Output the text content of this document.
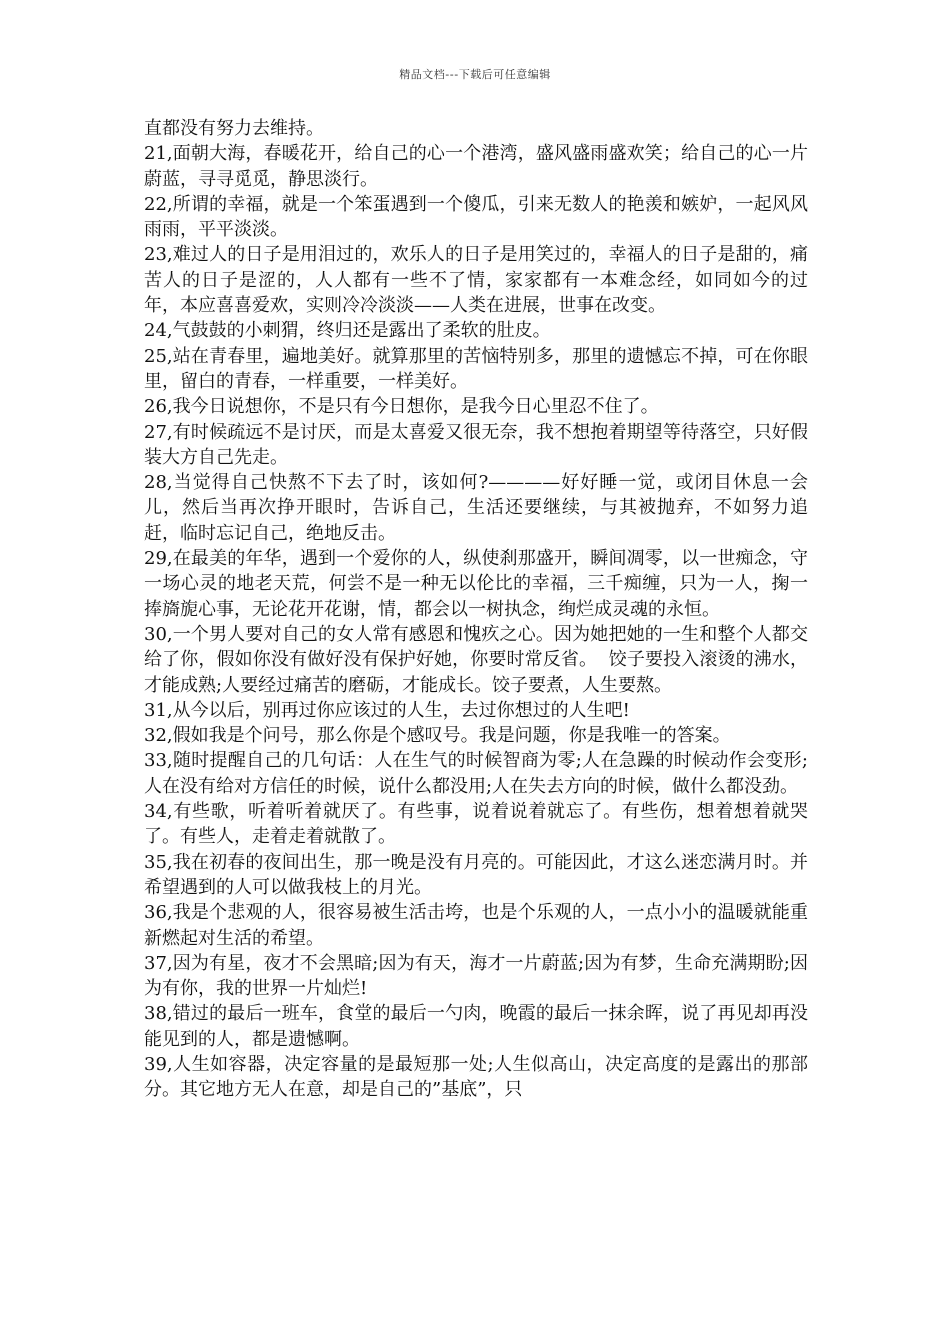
精品文档---下载后可任意编辑

直都没有努力去维持。

21,面朝大海，春暖花开，给自己的心一个港湾，盛风盛雨盛欢笑；给自己的心一片蔚蓝，寻寻觅觅，静思淡行。

22,所谓的幸福，就是一个笨蛋遇到一个傻瓜，引来无数人的艳羡和嫉妒，一起风风雨雨，平平淡淡。

23,难过人的日子是用泪过的，欢乐人的日子是用笑过的，幸福人的日子是甜的，痛苦人的日子是涩的，人人都有一些不了情，家家都有一本难念经，如同如今的过年，本应喜喜爱欢，实则冷冷淡淡——人类在进展，世事在改变。

24,气鼓鼓的小刺猬，终归还是露出了柔软的肚皮。

25,站在青春里，遍地美好。就算那里的苦恼特别多，那里的遗憾忘不掉，可在你眼里，留白的青春，一样重要，一样美好。

26,我今日说想你，不是只有今日想你，是我今日心里忍不住了。

27,有时候疏远不是讨厌，而是太喜爱又很无奈，我不想抱着期望等待落空，只好假装大方自己先走。

28,当觉得自己快熬不下去了时，该如何?————好好睡一觉，或闭目休息一会儿，然后当再次挣开眼时，告诉自己，生活还要继续，与其被抛弃，不如努力追赶，临时忘记自己，绝地反击。

29,在最美的年华，遇到一个爱你的人，纵使刹那盛开，瞬间凋零，以一世痴念，守一场心灵的地老天荒，何尝不是一种无以伦比的幸福，三千痴缠，只为一人，掬一捧旖旎心事，无论花开花谢，情，都会以一树执念，绚烂成灵魂的永恒。

30,一个男人要对自己的女人常有感恩和愧疚之心。因为她把她的一生和整个人都交给了你，假如你没有做好没有保护好她，你要时常反省。  饺子要投入滚烫的沸水，才能成熟;人要经过痛苦的磨砺，才能成长。饺子要煮，人生要熬。

31,从今以后，别再过你应该过的人生，去过你想过的人生吧!

32,假如我是个问号，那么你是个感叹号。我是问题，你是我唯一的答案。

33,随时提醒自己的几句话：人在生气的时候智商为零;人在急躁的时候动作会变形;人在没有给对方信任的时候，说什么都没用;人在失去方向的时候，做什么都没劲。

34,有些歌，听着听着就厌了。有些事，说着说着就忘了。有些伤，想着想着就哭了。有些人，走着走着就散了。

35,我在初春的夜间出生，那一晚是没有月亮的。可能因此，才这么迷恋满月时。并希望遇到的人可以做我枝上的月光。

36,我是个悲观的人，很容易被生活击垮，也是个乐观的人，一点小小的温暖就能重新燃起对生活的希望。

37,因为有星，夜才不会黑暗;因为有天，海才一片蔚蓝;因为有梦，生命充满期盼;因为有你，我的世界一片灿烂!

38,错过的最后一班车，食堂的最后一勺肉，晚霞的最后一抹余晖，说了再见却再没能见到的人，都是遗憾啊。

39,人生如容器，决定容量的是最短那一处;人生似高山，决定高度的是露出的那部分。其它地方无人在意，却是自己的”基底”，只
